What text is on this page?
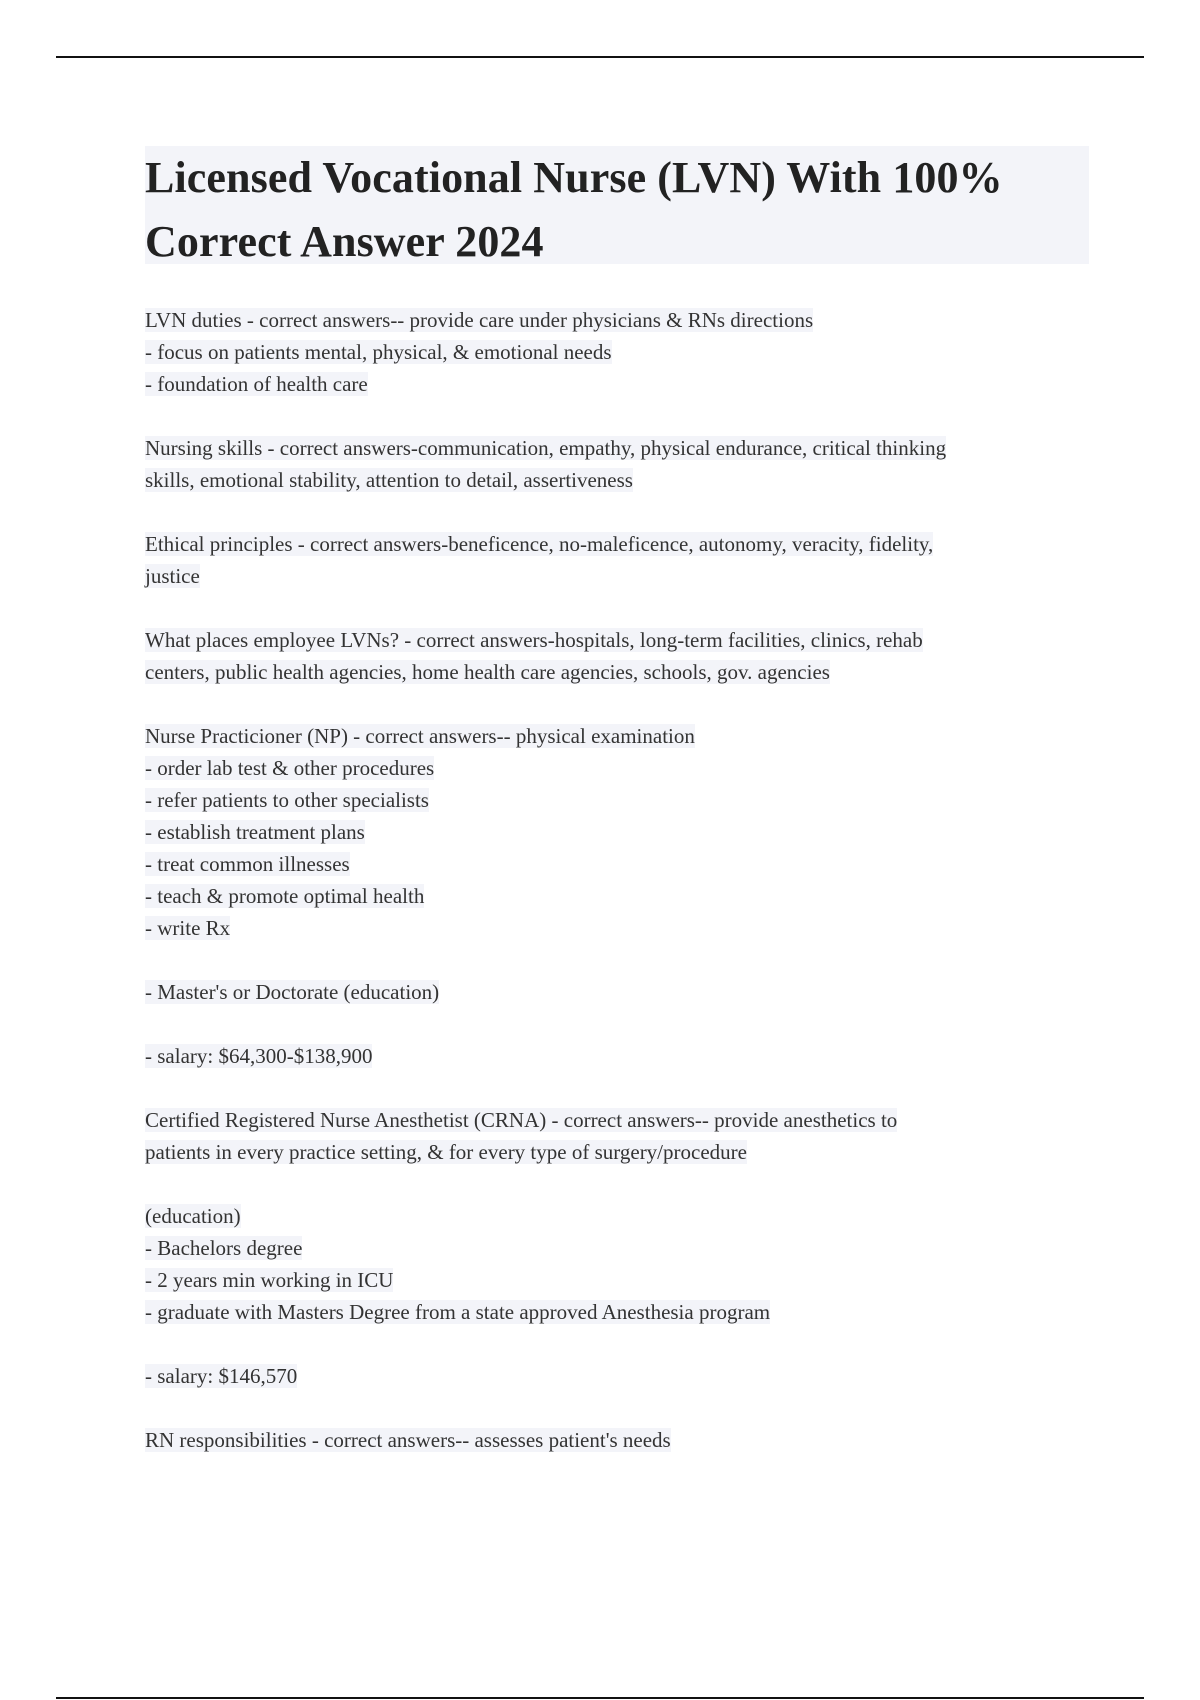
Licensed Vocational Nurse (LVN) With 100%
Correct Answer 2024
LVN duties - correct answers-- provide care under physicians & RNs directions
- focus on patients mental, physical, & emotional needs
- foundation of health care
Nursing skills - correct answers-communication, empathy, physical endurance, critical thinking
skills, emotional stability, attention to detail, assertiveness
Ethical principles - correct answers-beneficence, no-maleficence, autonomy, veracity, fidelity,
justice
What places employee LVNs? - correct answers-hospitals, long-term facilities, clinics, rehab
centers, public health agencies, home health care agencies, schools, gov. agencies
Nurse Practicioner (NP) - correct answers-- physical examination
- order lab test & other procedures
- refer patients to other specialists
- establish treatment plans
- treat common illnesses
- teach & promote optimal health
- write Rx
- Master's or Doctorate (education)
- salary: $64,300-$138,900
Certified Registered Nurse Anesthetist (CRNA) - correct answers-- provide anesthetics to
patients in every practice setting, & for every type of surgery/procedure
(education)
- Bachelors degree
- 2 years min working in ICU
- graduate with Masters Degree from a state approved Anesthesia program
- salary: $146,570
RN responsibilities - correct answers-- assesses patient's needs
